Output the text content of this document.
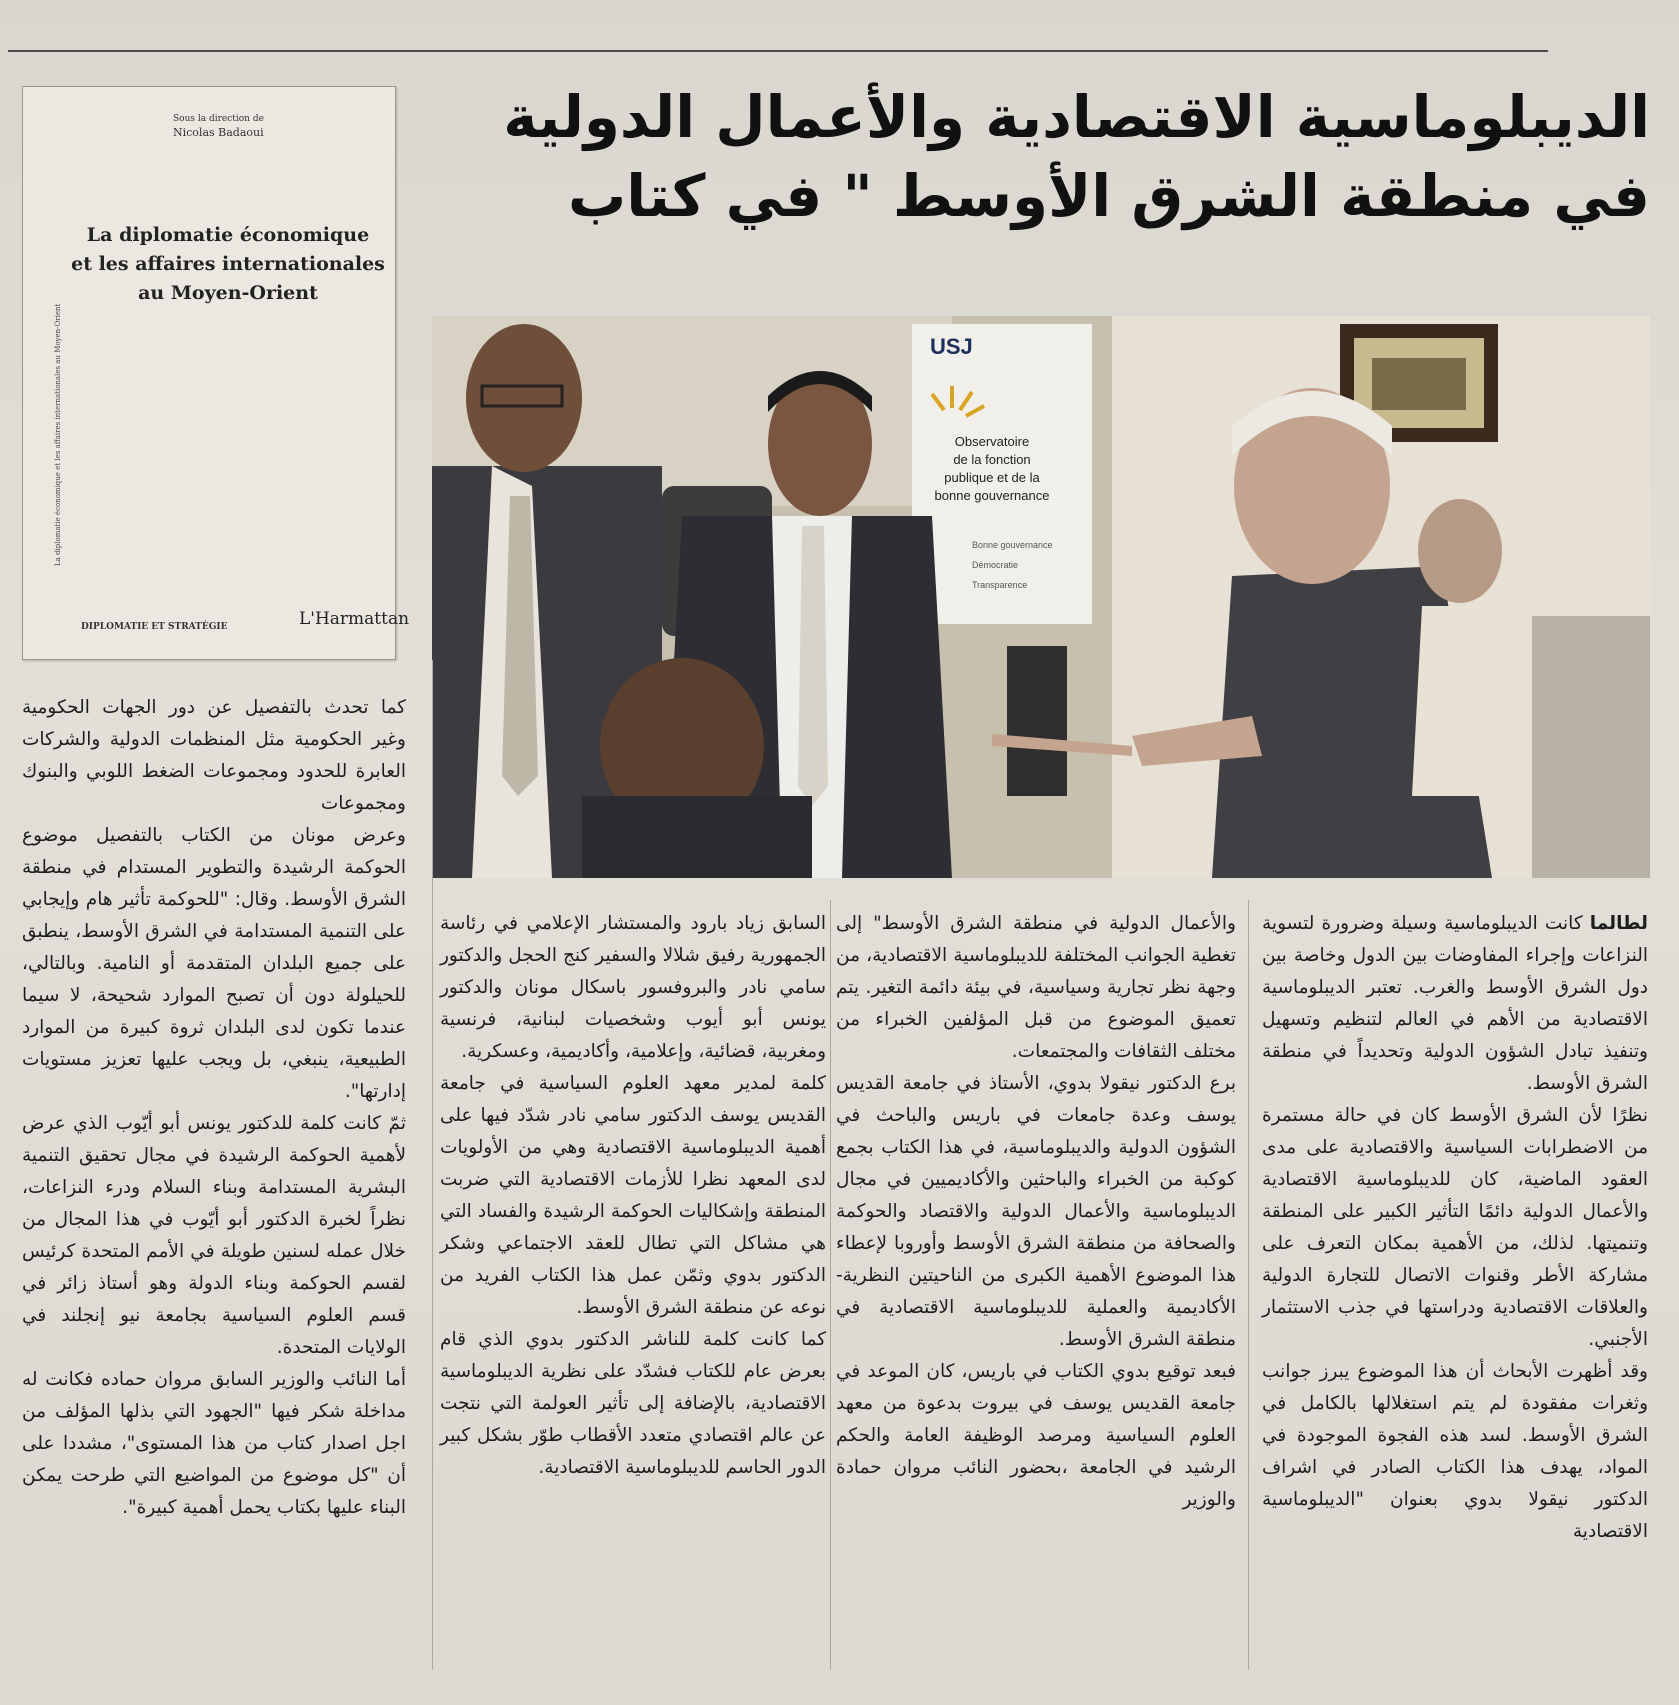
الديبلوماسية الاقتصادية والأعمال الدولية
في منطقة الشرق الأوسط " في كتاب
Sous la direction de
Nicolas Badaoui
La diplomatie économique et les affaires internationales au Moyen-Orient
La diplomatie économique
et les affaires internationales
au Moyen-Orient
DIPLOMATIE ET STRATÉGIE	L'Harmattan
USJ
Observatoire
de la fonction
publique et de la
bonne gouvernance
Bonne gouvernance
Démocratie
Transparence

لطالما كانت الديبلوماسية وسيلة وضرورة لتسوية النزاعات وإجراء المفاوضات بين الدول وخاصة بين دول الشرق الأوسط والغرب. تعتبر الديبلوماسية الاقتصادية من الأهم في العالم لتنظيم وتسهيل وتنفيذ تبادل الشؤون الدولية وتحديداً في منطقة الشرق الأوسط.

نظرًا لأن الشرق الأوسط كان في حالة مستمرة من الاضطرابات السياسية والاقتصادية على مدى العقود الماضية، كان للديبلوماسية الاقتصادية والأعمال الدولية دائمًا التأثير الكبير على المنطقة وتنميتها. لذلك، من الأهمية بمكان التعرف على مشاركة الأطر وقنوات الاتصال للتجارة الدولية والعلاقات الاقتصادية ودراستها في جذب الاستثمار الأجنبي.

وقد أظهرت الأبحاث أن هذا الموضوع يبرز جوانب وثغرات مفقودة لم يتم استغلالها بالكامل في الشرق الأوسط. لسد هذه الفجوة الموجودة في المواد، يهدف هذا الكتاب الصادر في اشراف الدكتور نيقولا بدوي بعنوان "الديبلوماسية الاقتصادية

والأعمال الدولية في منطقة الشرق الأوسط" إلى تغطية الجوانب المختلفة للديبلوماسية الاقتصادية، من وجهة نظر تجارية وسياسية، في بيئة دائمة التغير. يتم تعميق الموضوع من قبل المؤلفين الخبراء من مختلف الثقافات والمجتمعات.

برع الدكتور نيقولا بدوي، الأستاذ في جامعة القديس يوسف وعدة جامعات في باريس والباحث في الشؤون الدولية والديبلوماسية، في هذا الكتاب بجمع كوكبة من الخبراء والباحثين والأكاديميين في مجال الديبلوماسية والأعمال الدولية والاقتصاد والحوكمة والصحافة من منطقة الشرق الأوسط وأوروبا لإعطاء هذا الموضوع الأهمية الكبرى من الناحيتين النظرية-الأكاديمية والعملية للديبلوماسية الاقتصادية في منطقة الشرق الأوسط.

فبعد توقيع بدوي الكتاب في باريس، كان الموعد في جامعة القديس يوسف في بيروت بدعوة من معهد العلوم السياسية ومرصد الوظيفة العامة والحكم الرشيد في الجامعة ،بحضور النائب مروان حمادة والوزير

السابق زياد بارود والمستشار الإعلامي في رئاسة الجمهورية رفيق شلالا والسفير كنج الحجل والدكتور سامي نادر والبروفسور باسكال مونان والدكتور يونس أبو أيوب وشخصيات لبنانية، فرنسية ومغربية، قضائية، وإعلامية، وأكاديمية، وعسكرية.

كلمة لمدير معهد العلوم السياسية في جامعة القديس يوسف الدكتور سامي نادر شدّد فيها على أهمية الديبلوماسية الاقتصادية وهي من الأولويات لدى المعهد نظرا للأزمات الاقتصادية التي ضربت المنطقة وإشكاليات الحوكمة الرشيدة والفساد التي هي مشاكل التي تطال للعقد الاجتماعي وشكر الدكتور بدوي وثمّن عمل هذا الكتاب الفريد من نوعه عن منطقة الشرق الأوسط.

كما كانت كلمة للناشر الدكتور بدوي الذي قام بعرض عام للكتاب فشدّد على نظرية الديبلوماسية الاقتصادية، بالإضافة إلى تأثير العولمة التي نتجت عن عالم اقتصادي متعدد الأقطاب طوّر بشكل كبير الدور الحاسم للديبلوماسية الاقتصادية.

كما تحدث بالتفصيل عن دور الجهات الحكومية وغير الحكومية مثل المنظمات الدولية والشركات العابرة للحدود ومجموعات الضغط اللوبي والبنوك ومجموعات

وعرض مونان من الكتاب بالتفصيل موضوع الحوكمة الرشيدة والتطوير المستدام في منطقة الشرق الأوسط. وقال: "للحوكمة تأثير هام وإيجابي على التنمية المستدامة في الشرق الأوسط، ينطبق على جميع البلدان المتقدمة أو النامية. وبالتالي، للحيلولة دون أن تصبح الموارد شحيحة، لا سيما عندما تكون لدى البلدان ثروة كبيرة من الموارد الطبيعية، ينبغي، بل ويجب عليها تعزيز مستويات إدارتها".

ثمّ كانت كلمة للدكتور يونس أبو أيّوب الذي عرض لأهمية الحوكمة الرشيدة في مجال تحقيق التنمية البشرية المستدامة وبناء السلام ودرء النزاعات، نظراً لخبرة الدكتور أبو أيّوب في هذا المجال من خلال عمله لسنين طويلة في الأمم المتحدة كرئيس لقسم الحوكمة وبناء الدولة وهو أستاذ زائر في قسم العلوم السياسية بجامعة نيو إنجلند في الولايات المتحدة.

أما النائب والوزير السابق مروان حماده فكانت له مداخلة شكر فيها "الجهود التي بذلها المؤلف من اجل اصدار كتاب من هذا المستوى"، مشددا على أن "كل موضوع من المواضيع التي طرحت يمكن البناء عليها بكتاب يحمل أهمية كبيرة".
